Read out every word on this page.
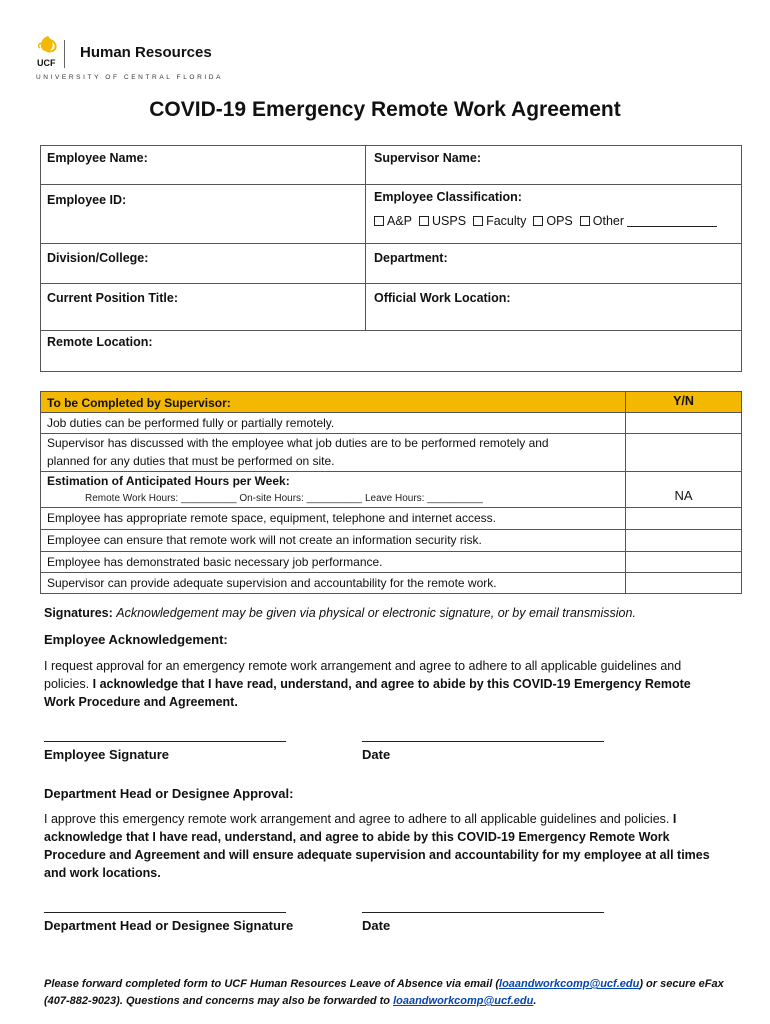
UCF
Human Resources
UNIVERSITY OF CENTRAL FLORIDA
COVID-19 Emergency Remote Work Agreement
Employee Name:	Supervisor Name:
Employee ID:	Employee Classification:
A&P USPS Faculty OPS Other
Division/College:	Department:
Current Position Title:	Official Work Location:
Remote Location:
To be Completed by Supervisor:	Y/N
Job duties can be performed fully or partially remotely.
Supervisor has discussed with the employee what job duties are to be performed remotely and
planned for any duties that must be performed on site.
Estimation of Anticipated Hours per Week:
Remote Work Hours: __________ On-site Hours: __________ Leave Hours: __________	NA
Employee has appropriate remote space, equipment, telephone and internet access.
Employee can ensure that remote work will not create an information security risk.
Employee has demonstrated basic necessary job performance.
Supervisor can provide adequate supervision and accountability for the remote work.
Signatures: Acknowledgement may be given via physical or electronic signature, or by email transmission.
Employee Acknowledgement:
I request approval for an emergency remote work arrangement and agree to adhere to all applicable guidelines and
policies. I acknowledge that I have read, understand, and agree to abide by this COVID-19 Emergency Remote
Work Procedure and Agreement.
Employee Signature	Date
Department Head or Designee Approval:
I approve this emergency remote work arrangement and agree to adhere to all applicable guidelines and policies. I
acknowledge that I have read, understand, and agree to abide by this COVID-19 Emergency Remote Work
Procedure and Agreement and will ensure adequate supervision and accountability for my employee at all times
and work locations.
Department Head or Designee Signature	Date
Please forward completed form to UCF Human Resources Leave of Absence via email (loaandworkcomp@ucf.edu) or secure eFax
(407-882-9023). Questions and concerns may also be forwarded to loaandworkcomp@ucf.edu.
